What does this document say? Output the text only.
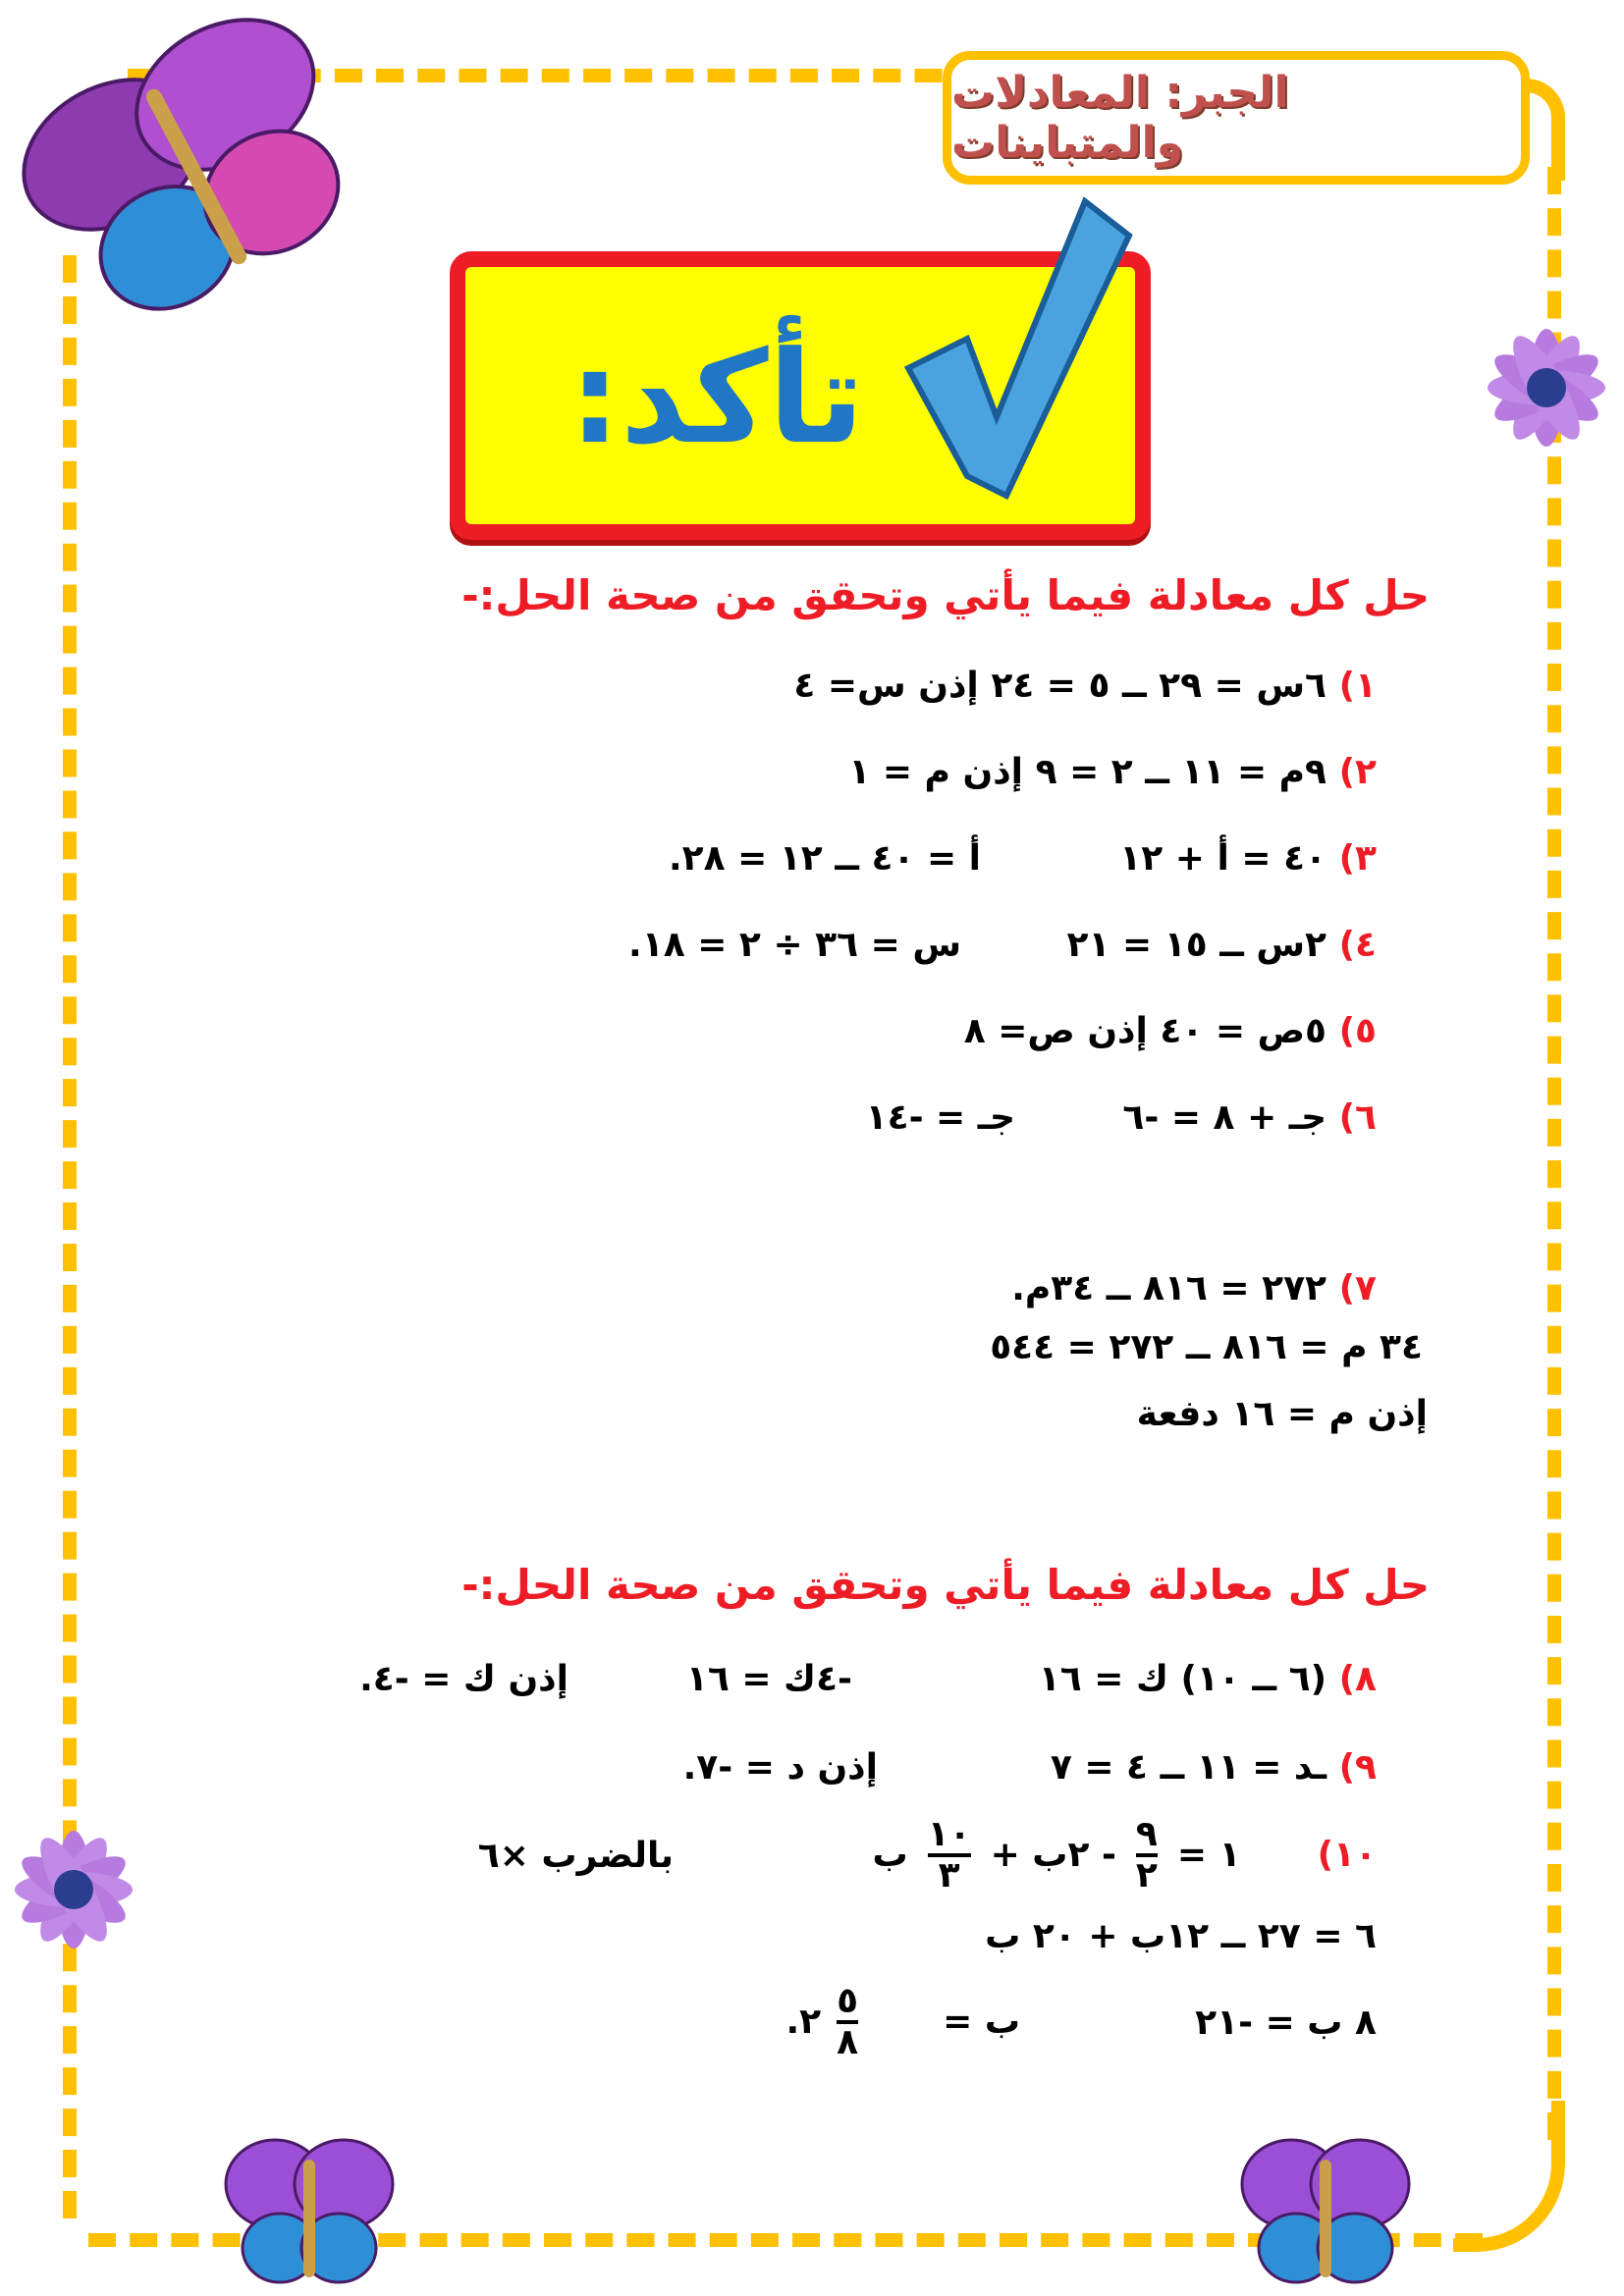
الجبر: المعادلات والمتباينات
تأكد:
حل كل معادلة فيما يأتي وتحقق من صحة الحل:-
١) ٦س = ٢٩ ــ ٥ = ٢٤ إذن س= ٤
٢) ٩م = ١١ ــ ٢ = ٩ إذن م = ١
٣) ٤٠ = أ + ١٢
أ = ٤٠ ــ ١٢ = ٢٨.
٤) ٢س ــ ١٥ = ٢١
س = ٣٦ ÷ ٢ = ١٨.
٥) ٥ص = ٤٠ إذن ص= ٨
٦) جـ + ٨ = -٦
جـ = -١٤
٧) ٢٧٢ = ٨١٦ ــ ٣٤م.
٣٤ م = ٨١٦ ــ ٢٧٢ = ٥٤٤
إذن م = ١٦ دفعة
حل كل معادلة فيما يأتي وتحقق من صحة الحل:-
٨) (٦ ــ ١٠) ك = ١٦
-٤ك = ١٦
إذن ك = -٤.
٩) ـد = ١١ ــ ٤ = ٧
إذن د = -٧.
١٠)
١ =
$\frac{٩}{٢}$
- ٢ب +
$\frac{١٠}{٣}$
ب
بالضرب ×٦
٦ = ٢٧ ــ ١٢ب + ٢٠ ب
٨ ب = -٢١
ب =
$\frac{٥}{٨}$
٢.
